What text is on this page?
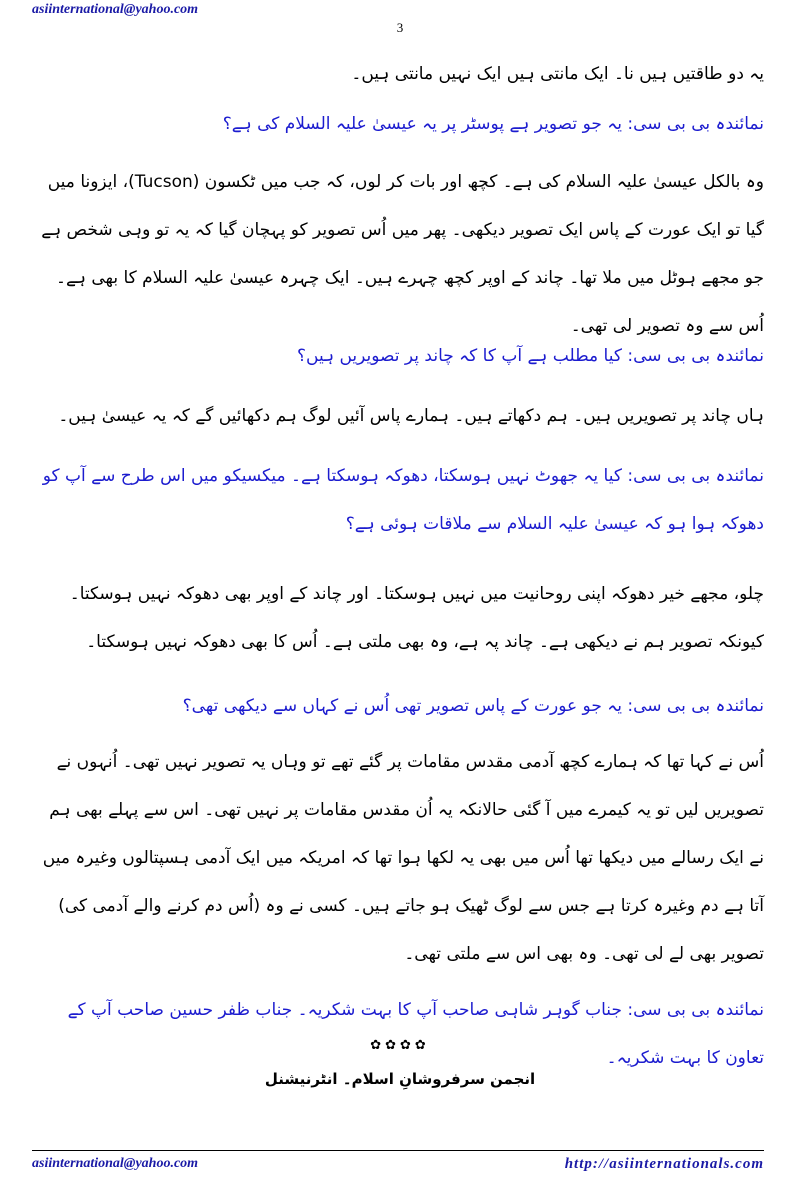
asiinternational@yahoo.com
3

یہ دو طاقتیں ہیں نا۔ ایک مانتی ہیں ایک نہیں مانتی ہیں۔

نمائندہ بی بی سی: یہ جو تصویر ہے پوسٹر پر یہ عیسیٰ علیہ السلام کی ہے؟

وہ بالکل عیسیٰ علیہ السلام کی ہے۔ کچھ اور بات کر لوں، کہ جب میں ٹکسون (Tucson)، ایزونا میں گیا تو ایک عورت کے پاس ایک تصویر دیکھی۔ پھر میں اُس تصویر کو پہچان گیا کہ یہ تو وہی شخص ہے جو مجھے ہوٹل میں ملا تھا۔ چاند کے اوپر کچھ چہرے ہیں۔ ایک چہرہ عیسیٰ علیہ السلام کا بھی ہے۔ اُس سے وہ تصویر لی تھی۔

نمائندہ بی بی سی: کیا مطلب ہے آپ کا کہ چاند پر تصویریں ہیں؟

ہاں چاند پر تصویریں ہیں۔ ہم دکھاتے ہیں۔ ہمارے پاس آئیں لوگ ہم دکھائیں گے کہ یہ عیسیٰ ہیں۔

نمائندہ بی بی سی: کیا یہ جھوٹ نہیں ہوسکتا، دھوکہ ہوسکتا ہے۔ میکسیکو میں اس طرح سے آپ کو دھوکہ ہوا ہو کہ عیسیٰ علیہ السلام سے ملاقات ہوئی ہے؟

چلو، مجھے خیر دھوکہ اپنی روحانیت میں نہیں ہوسکتا۔ اور چاند کے اوپر بھی دھوکہ نہیں ہوسکتا۔ کیونکہ تصویر ہم نے دیکھی ہے۔ چاند پہ ہے، وہ بھی ملتی ہے۔ اُس کا بھی دھوکہ نہیں ہوسکتا۔

نمائندہ بی بی سی: یہ جو عورت کے پاس تصویر تھی اُس نے کہاں سے دیکھی تھی؟

اُس نے کہا تھا کہ ہمارے کچھ آدمی مقدس مقامات پر گئے تھے تو وہاں یہ تصویر نہیں تھی۔ اُنہوں نے تصویریں لیں تو یہ کیمرے میں آ گئی حالانکہ یہ اُن مقدس مقامات پر نہیں تھی۔ اس سے پہلے بھی ہم نے ایک رسالے میں دیکھا تھا اُس میں بھی یہ لکھا ہوا تھا کہ امریکہ میں ایک آدمی ہسپتالوں وغیرہ میں آتا ہے دم وغیرہ کرتا ہے جس سے لوگ ٹھیک ہو جاتے ہیں۔ کسی نے وہ (اُس دم کرنے والے آدمی کی) تصویر بھی لے لی تھی۔ وہ بھی اس سے ملتی تھی۔

نمائندہ بی بی سی: جناب گوہر شاہی صاحب آپ کا بہت شکریہ۔ جناب ظفر حسین صاحب آپ کے تعاون کا بہت شکریہ۔

✿✿✿✿
انجمن سرفروشانِ اسلام۔ انٹرنیشنل
asiinternational@yahoo.com	http://asiinternationals.com
